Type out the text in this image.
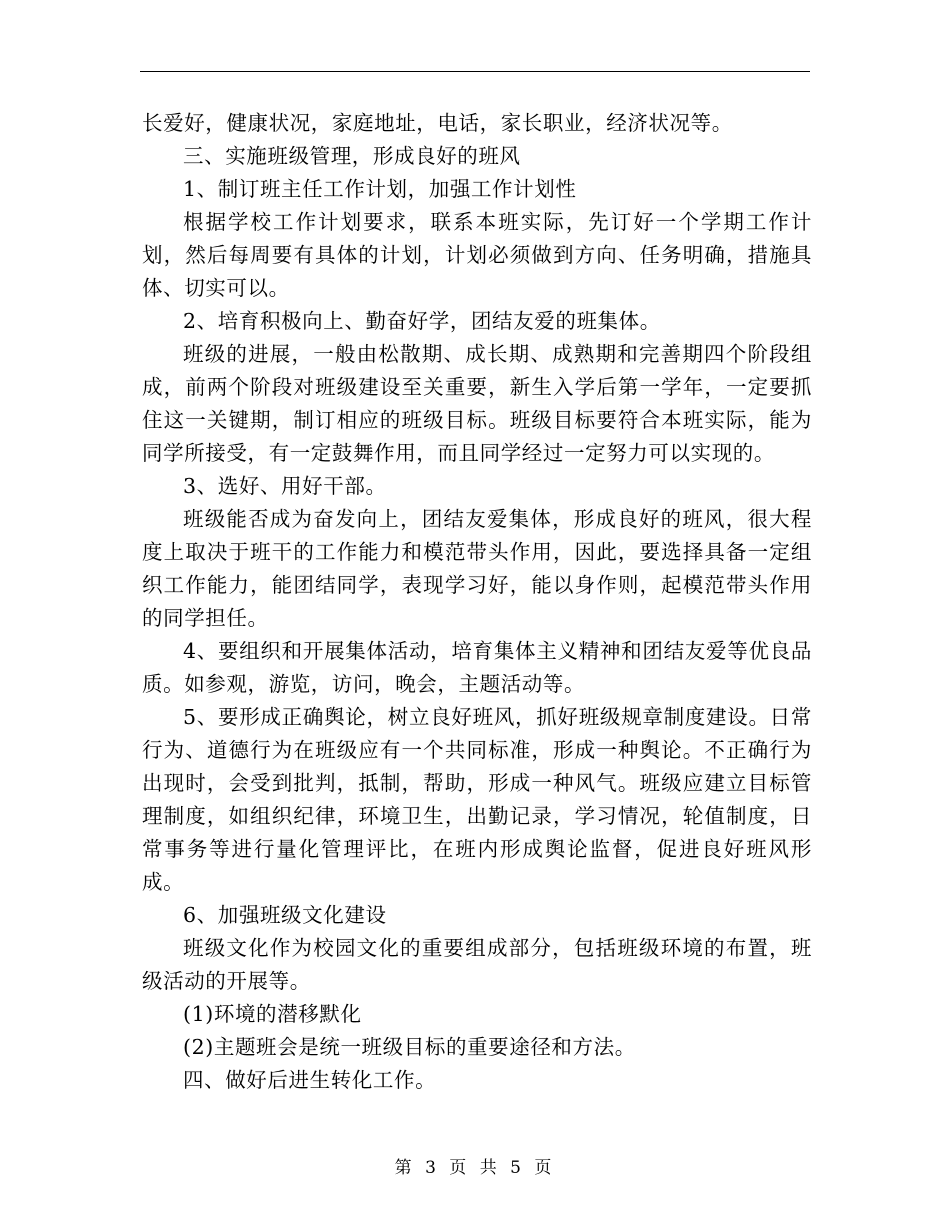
长爱好，健康状况，家庭地址，电话，家长职业，经济状况等。

三、实施班级管理，形成良好的班风

1、制订班主任工作计划，加强工作计划性

根据学校工作计划要求，联系本班实际，先订好一个学期工作计划，然后每周要有具体的计划，计划必须做到方向、任务明确，措施具体、切实可以。

2、培育积极向上、勤奋好学，团结友爱的班集体。

班级的进展，一般由松散期、成长期、成熟期和完善期四个阶段组成，前两个阶段对班级建设至关重要，新生入学后第一学年，一定要抓住这一关键期，制订相应的班级目标。班级目标要符合本班实际，能为同学所接受，有一定鼓舞作用，而且同学经过一定努力可以实现的。

3、选好、用好干部。

班级能否成为奋发向上，团结友爱集体，形成良好的班风，很大程度上取决于班干的工作能力和模范带头作用，因此，要选择具备一定组织工作能力，能团结同学，表现学习好，能以身作则，起模范带头作用的同学担任。

4、要组织和开展集体活动，培育集体主义精神和团结友爱等优良品质。如参观，游览，访问，晚会，主题活动等。

5、要形成正确舆论，树立良好班风，抓好班级规章制度建设。日常行为、道德行为在班级应有一个共同标准，形成一种舆论。不正确行为出现时，会受到批判，抵制，帮助，形成一种风气。班级应建立目标管理制度，如组织纪律，环境卫生，出勤记录，学习情况，轮值制度，日常事务等进行量化管理评比，在班内形成舆论监督，促进良好班风形成。

6、加强班级文化建设

班级文化作为校园文化的重要组成部分，包括班级环境的布置，班级活动的开展等。

(1)环境的潜移默化

(2)主题班会是统一班级目标的重要途径和方法。

四、做好后进生转化工作。

第 3 页 共 5 页
